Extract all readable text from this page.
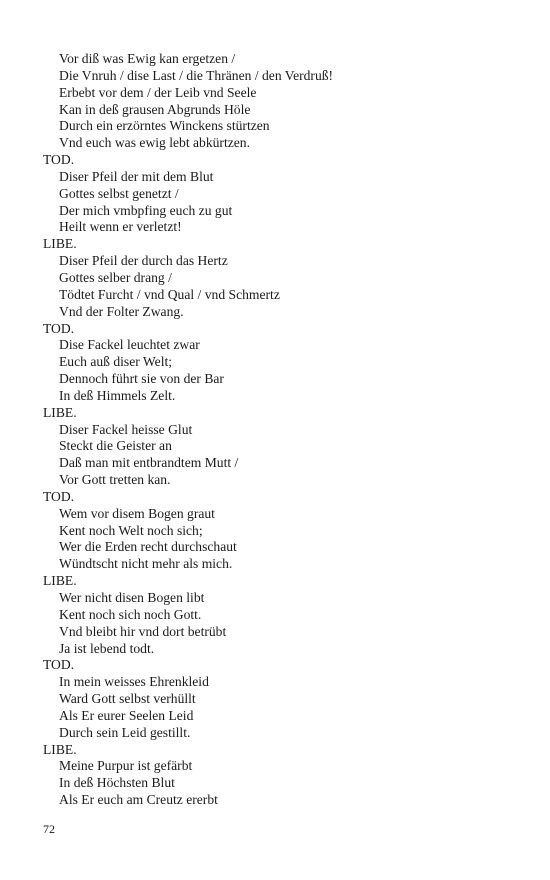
Vor diß was Ewig kan ergetzen /
Die Vnruh / dise Last / die Thränen / den Verdruß!
Erbebt vor dem / der Leib vnd Seele
Kan in deß grausen Abgrunds Höle
Durch ein erzörntes Winckens stürtzen
Vnd euch was ewig lebt abkürtzen.
TOD.
Diser Pfeil der mit dem Blut
Gottes selbst genetzt /
Der mich vmbpfing euch zu gut
Heilt wenn er verletzt!
LIBE.
Diser Pfeil der durch das Hertz
Gottes selber drang /
Tödtet Furcht / vnd Qual / vnd Schmertz
Vnd der Folter Zwang.
TOD.
Dise Fackel leuchtet zwar
Euch auß diser Welt;
Dennoch führt sie von der Bar
In deß Himmels Zelt.
LIBE.
Diser Fackel heisse Glut
Steckt die Geister an
Daß man mit entbrandtem Mutt /
Vor Gott tretten kan.
TOD.
Wem vor disem Bogen graut
Kent noch Welt noch sich;
Wer die Erden recht durchschaut
Wündtscht nicht mehr als mich.
LIBE.
Wer nicht disen Bogen libt
Kent noch sich noch Gott.
Vnd bleibt hir vnd dort betrübt
Ja ist lebend todt.
TOD.
In mein weisses Ehrenkleid
Ward Gott selbst verhüllt
Als Er eurer Seelen Leid
Durch sein Leid gestillt.
LIBE.
Meine Purpur ist gefärbt
In deß Höchsten Blut
Als Er euch am Creutz ererbt
72
